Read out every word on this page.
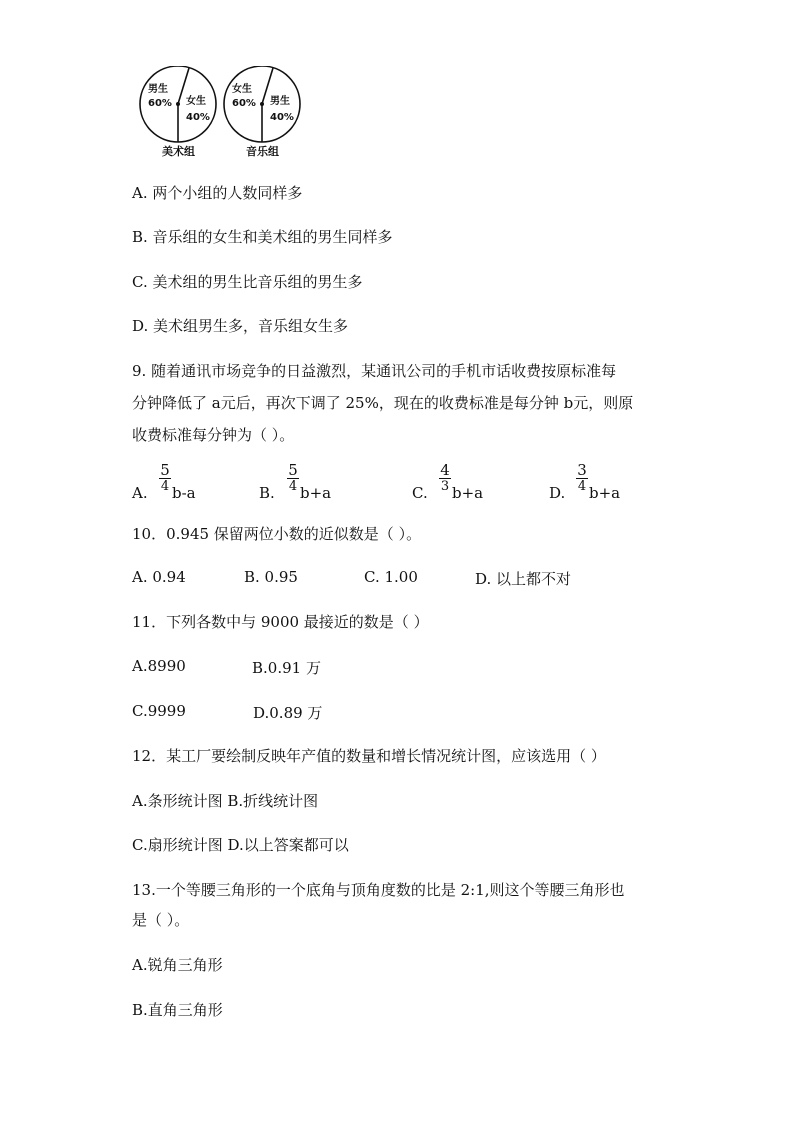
男生
60% 女生
40%
美术组
女生
60% 男生
40%
音乐组
A. 两个小组的人数同样多
B. 音乐组的女生和美术组的男生同样多
C. 美术组的男生比音乐组的男生多
D. 美术组男生多，音乐组女生多
9. 随着通讯市场竞争的日益激烈，某通讯公司的手机市话收费按原标准每
分钟降低了 a元后，再次下调了 25%，现在的收费标准是每分钟 b元，则原
收费标准每分钟为（ ）。
A. $\frac{5}{4} b-a$	B. $\frac{5}{4} b+a$	C. $\frac{4}{3} b+a$	D. $\frac{3}{4} b+a$
10．0.945 保留两位小数的近似数是（ ）。
A. 0.94	B. 0.95	C. 1.00	D. 以上都不对
11．下列各数中与 9000 最接近的数是（ ）
A.8990	B.0.91 万
C.9999	D.0.89 万
12．某工厂要绘制反映年产值的数量和增长情况统计图，应该选用（ ）
A.条形统计图 B.折线统计图
C.扇形统计图 D.以上答案都可以
13.一个等腰三角形的一个底角与顶角度数的比是 2:1,则这个等腰三角形也
是（ ）。
A.锐角三角形
B.直角三角形
